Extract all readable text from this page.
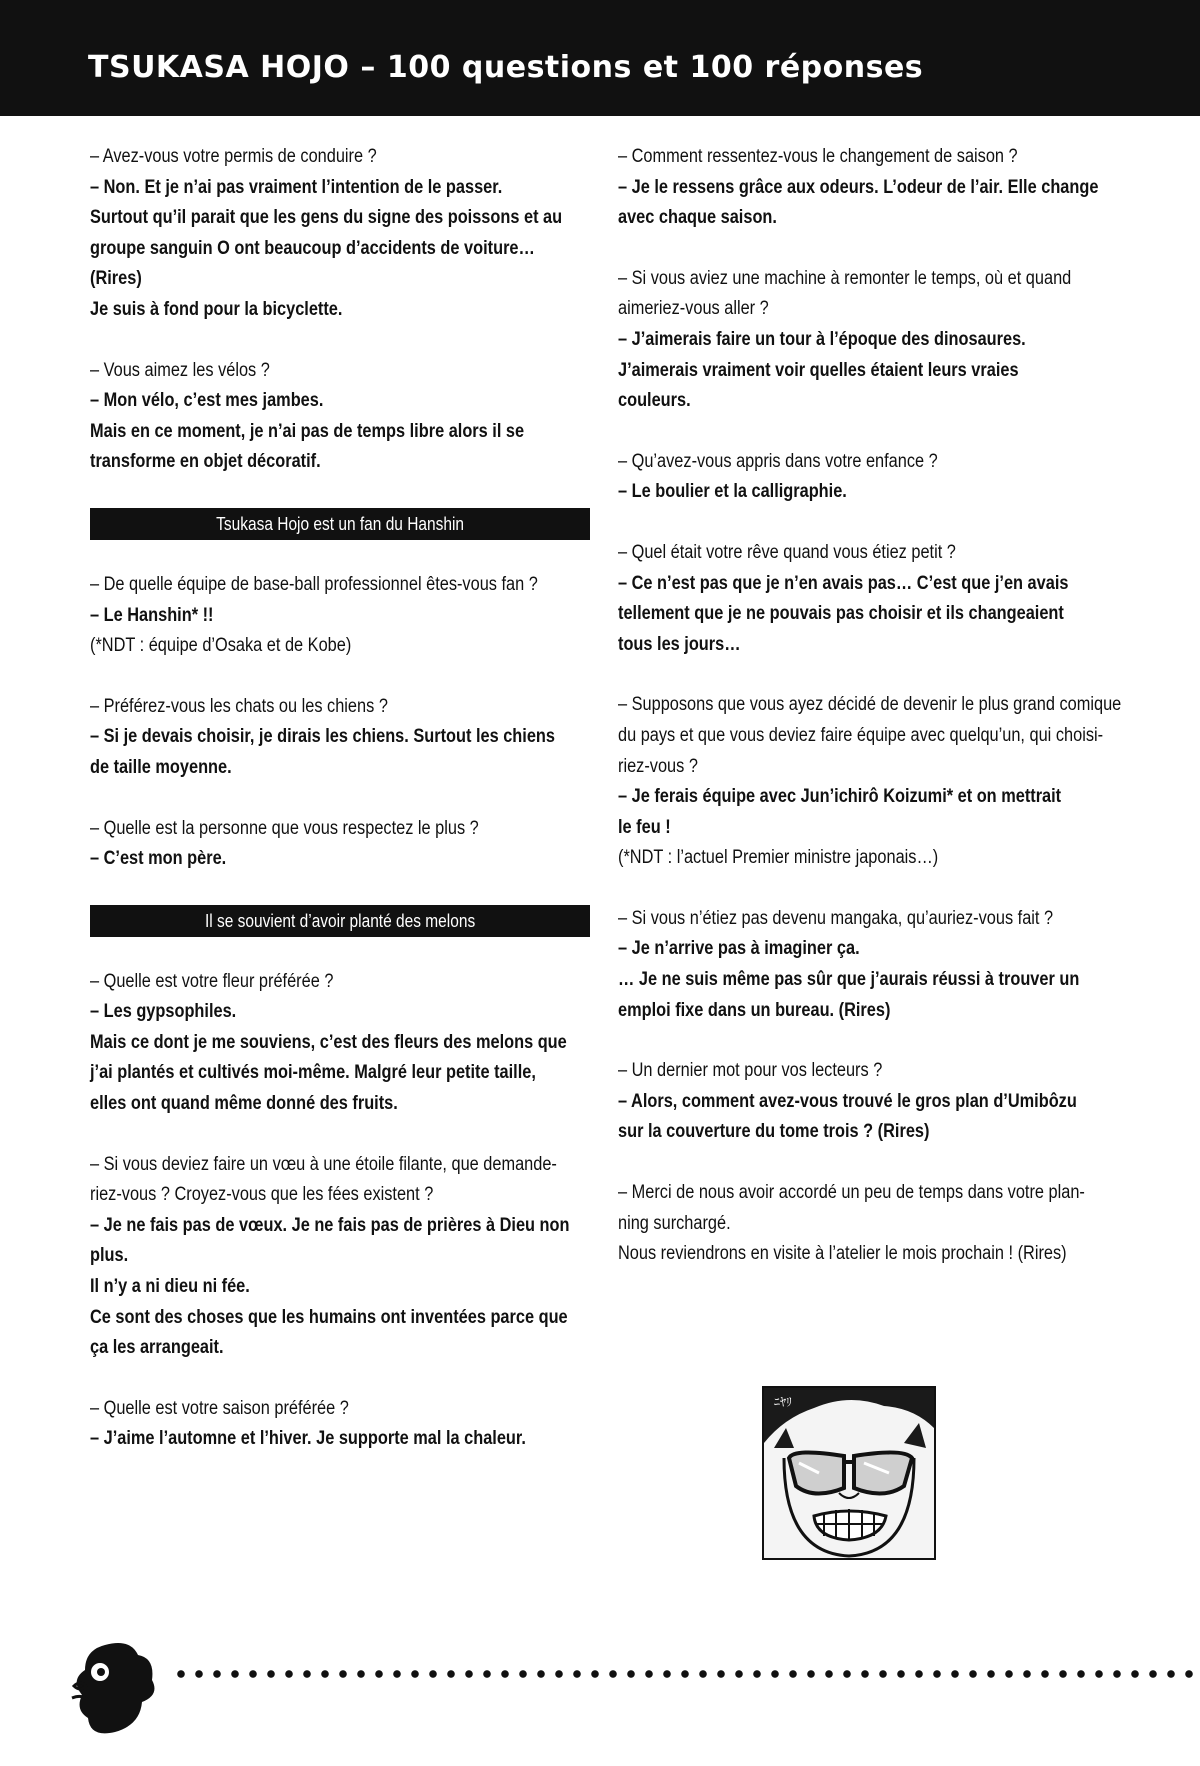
TSUKASA HOJO – 100 questions et 100 réponses

– Avez-vous votre permis de conduire ?

– Non. Et je n’ai pas vraiment l’intention de le passer.

Surtout qu’il parait que les gens du signe des poissons et au

groupe sanguin O ont beaucoup d’accidents de voiture…

(Rires)

Je suis à fond pour la bicyclette.

– Vous aimez les vélos ?

– Mon vélo, c’est mes jambes.

Mais en ce moment, je n’ai pas de temps libre alors il se

transforme en objet décoratif.

Tsukasa Hojo est un fan du Hanshin

– De quelle équipe de base-ball professionnel êtes-vous fan ?

– Le Hanshin* !!

(*NDT : équipe d’Osaka et de Kobe)

– Préférez-vous les chats ou les chiens ?

– Si je devais choisir, je dirais les chiens. Surtout les chiens

de taille moyenne.

– Quelle est la personne que vous respectez le plus ?

– C’est mon père.

Il se souvient d’avoir planté des melons

– Quelle est votre fleur préférée ?

– Les gypsophiles.

Mais ce dont je me souviens, c’est des fleurs des melons que

j’ai plantés et cultivés moi-même. Malgré leur petite taille,

elles ont quand même donné des fruits.

– Si vous deviez faire un vœu à une étoile filante, que demande-

riez-vous ? Croyez-vous que les fées existent ?

– Je ne fais pas de vœux. Je ne fais pas de prières à Dieu non

plus.

Il n’y a ni dieu ni fée.

Ce sont des choses que les humains ont inventées parce que

ça les arrangeait.

– Quelle est votre saison préférée ?

– J’aime l’automne et l’hiver. Je supporte mal la chaleur.

– Comment ressentez-vous le changement de saison ?

– Je le ressens grâce aux odeurs. L’odeur de l’air. Elle change

avec chaque saison.

– Si vous aviez une machine à remonter le temps, où et quand

aimeriez-vous aller ?

– J’aimerais faire un tour à l’époque des dinosaures.

J’aimerais vraiment voir quelles étaient leurs vraies

couleurs.

– Qu’avez-vous appris dans votre enfance ?

– Le boulier et la calligraphie.

– Quel était votre rêve quand vous étiez petit ?

– Ce n’est pas que je n’en avais pas… C’est que j’en avais

tellement que je ne pouvais pas choisir et ils changeaient

tous les jours…

– Supposons que vous ayez décidé de devenir le plus grand comique

du pays et que vous deviez faire équipe avec quelqu’un, qui choisi-

riez-vous ?

– Je ferais équipe avec Jun’ichirô Koizumi* et on mettrait

le feu !

(*NDT : l’actuel Premier ministre japonais…)

– Si vous n’étiez pas devenu mangaka, qu’auriez-vous fait ?

– Je n’arrive pas à imaginer ça.

… Je ne suis même pas sûr que j’aurais réussi à trouver un

emploi fixe dans un bureau. (Rires)

– Un dernier mot pour vos lecteurs ?

– Alors, comment avez-vous trouvé le gros plan d’Umibôzu

sur la couverture du tome trois ? (Rires)

– Merci de nous avoir accordé un peu de temps dans votre plan-

ning surchargé.

Nous reviendrons en visite à l’atelier le mois prochain ! (Rires)

ﾆﾔﾘ
